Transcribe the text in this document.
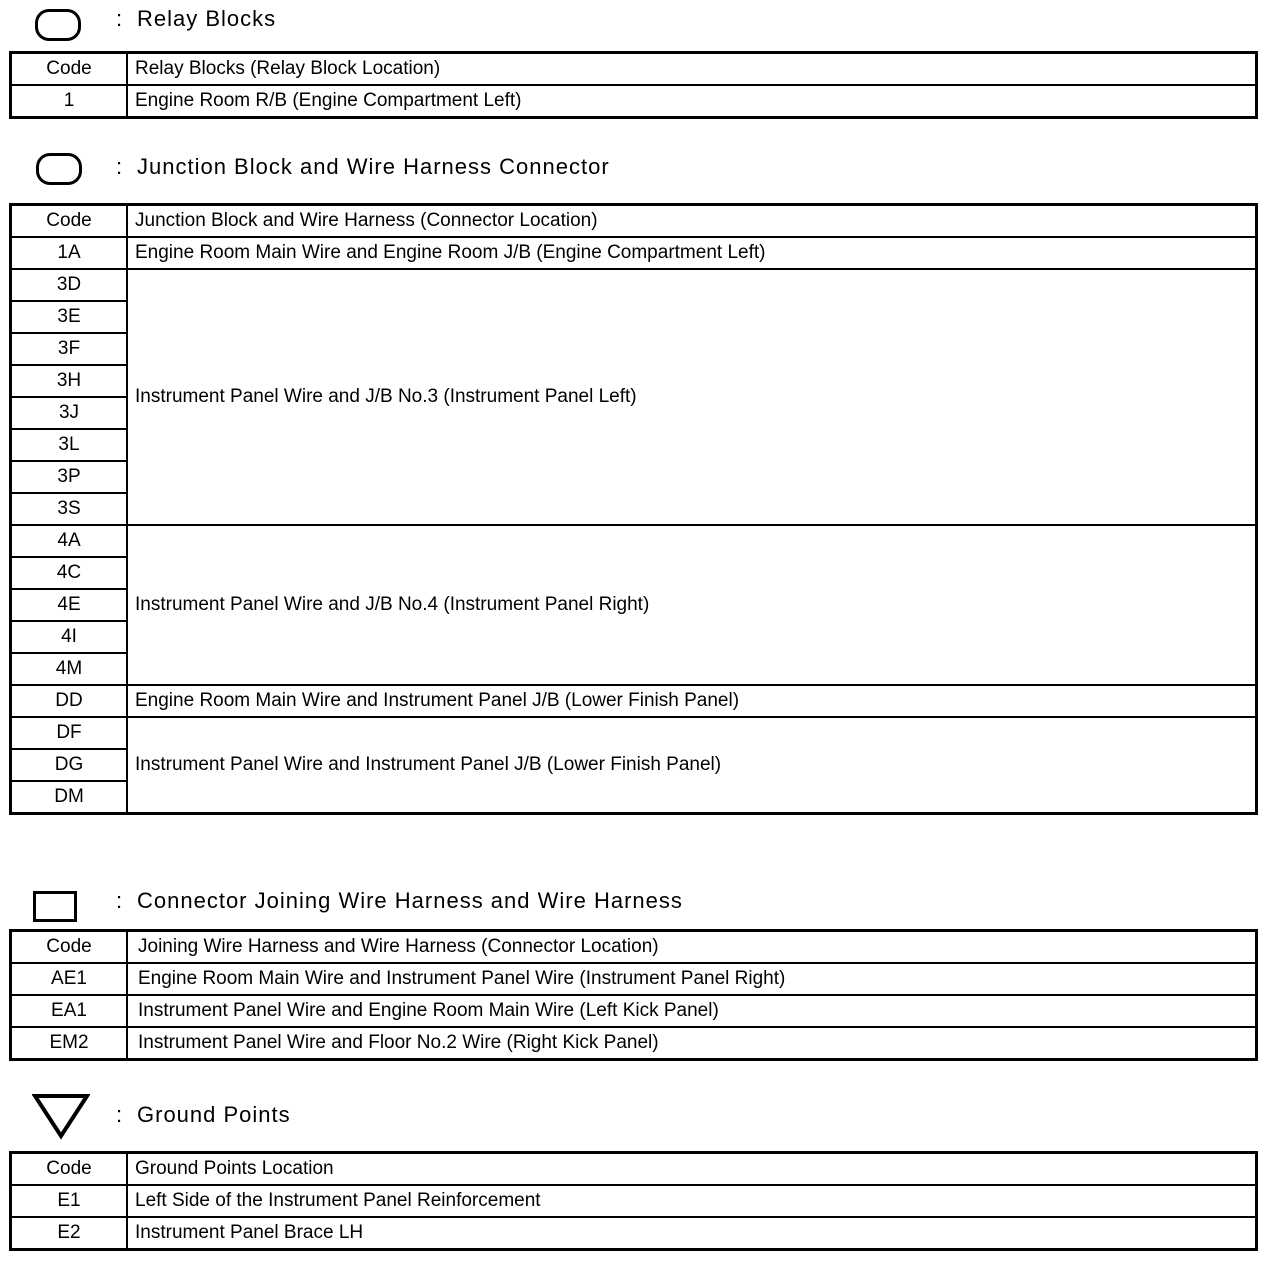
: Relay Blocks
Code	Relay Blocks (Relay Block Location)
1	Engine Room R/B (Engine Compartment Left)
: Junction Block and Wire Harness Connector
Code	Junction Block and Wire Harness (Connector Location)
1A	Engine Room Main Wire and Engine Room J/B (Engine Compartment Left)
3D	Instrument Panel Wire and J/B No.3 (Instrument Panel Left)
3E	
3F	
3H	
3J	
3L	
3P	
3S	
4A	Instrument Panel Wire and J/B No.4 (Instrument Panel Right)
4C	
4E	
4I	
4M	
DD	Engine Room Main Wire and Instrument Panel J/B (Lower Finish Panel)
DF	Instrument Panel Wire and Instrument Panel J/B (Lower Finish Panel)
DG	
DM	
: Connector Joining Wire Harness and Wire Harness
Code	Joining Wire Harness and Wire Harness (Connector Location)
AE1	Engine Room Main Wire and Instrument Panel Wire (Instrument Panel Right)
EA1	Instrument Panel Wire and Engine Room Main Wire (Left Kick Panel)
EM2	Instrument Panel Wire and Floor No.2 Wire (Right Kick Panel)
: Ground Points
Code	Ground Points Location
E1	Left Side of the Instrument Panel Reinforcement
E2	Instrument Panel Brace LH
